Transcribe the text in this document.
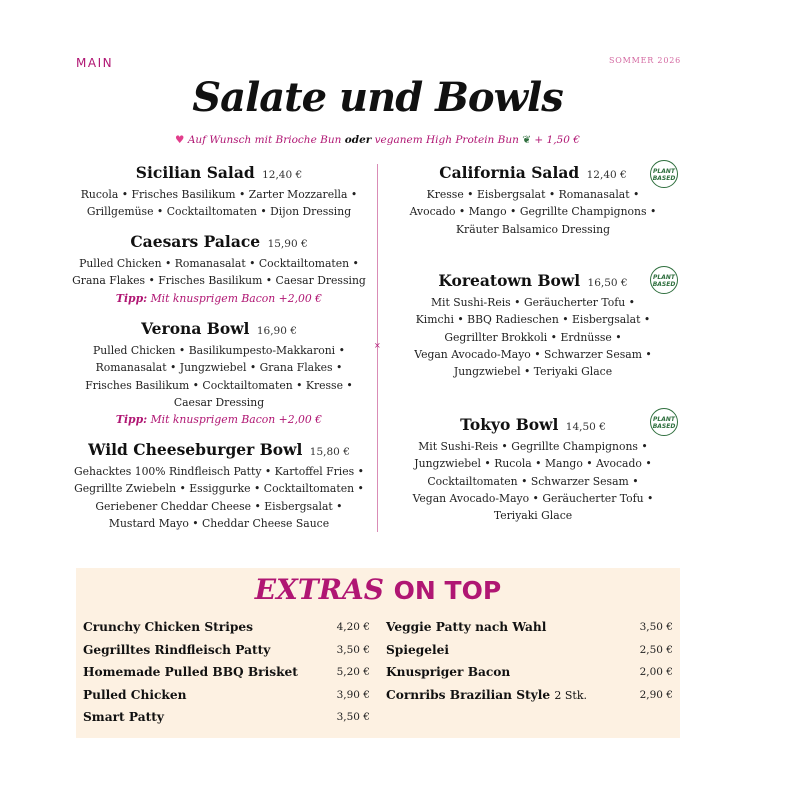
MAIN	SOMMER 2026
Salate und Bowls
♥ Auf Wunsch mit Brioche Bun oder veganem High Protein Bun ❦ + 1,50 €
Sicilian Salad 12,40 €
Rucola • Frisches Basilikum • Zarter Mozzarella •
Grillgemüse • Cocktailtomaten • Dijon Dressing
Caesars Palace 15,90 €
Pulled Chicken • Romanasalat • Cocktailtomaten •
Grana Flakes • Frisches Basilikum • Caesar Dressing
Tipp: Mit knusprigem Bacon +2,00 €
Verona Bowl 16,90 €
Pulled Chicken • Basilikumpesto-Makkaroni •
Romanasalat • Jungzwiebel • Grana Flakes •
Frisches Basilikum • Cocktailtomaten • Kresse •
Caesar Dressing
Tipp: Mit knusprigem Bacon +2,00 €
Wild Cheeseburger Bowl 15,80 €
Gehacktes 100% Rindfleisch Patty • Kartoffel Fries •
Gegrillte Zwiebeln • Essiggurke • Cocktailtomaten •
Geriebener Cheddar Cheese • Eisbergsalat •
Mustard Mayo • Cheddar Cheese Sauce
×
California Salad 12,40 €
Kresse • Eisbergsalat • Romanasalat •
Avocado • Mango • Gegrillte Champignons •
Kräuter Balsamico Dressing
PLANT
BASED
Koreatown Bowl 16,50 €
Mit Sushi-Reis • Geräucherter Tofu •
Kimchi • BBQ Radieschen • Eisbergsalat •
Gegrillter Brokkoli • Erdnüsse •
Vegan Avocado-Mayo • Schwarzer Sesam •
Jungzwiebel • Teriyaki Glace
PLANT
BASED
Tokyo Bowl 14,50 €
Mit Sushi-Reis • Gegrillte Champignons •
Jungzwiebel • Rucola • Mango • Avocado •
Cocktailtomaten • Schwarzer Sesam •
Vegan Avocado-Mayo • Geräucherter Tofu •
Teriyaki Glace
PLANT
BASED
EXTRAS ON TOP
Crunchy Chicken Stripes	4,20 €
Gegrilltes Rindfleisch Patty	3,50 €
Homemade Pulled BBQ Brisket	5,20 €
Pulled Chicken	3,90 €
Smart Patty	3,50 €
Veggie Patty nach Wahl	3,50 €
Spiegelei	2,50 €
Knuspriger Bacon	2,00 €
Cornribs Brazilian Style 2 Stk.	2,90 €
